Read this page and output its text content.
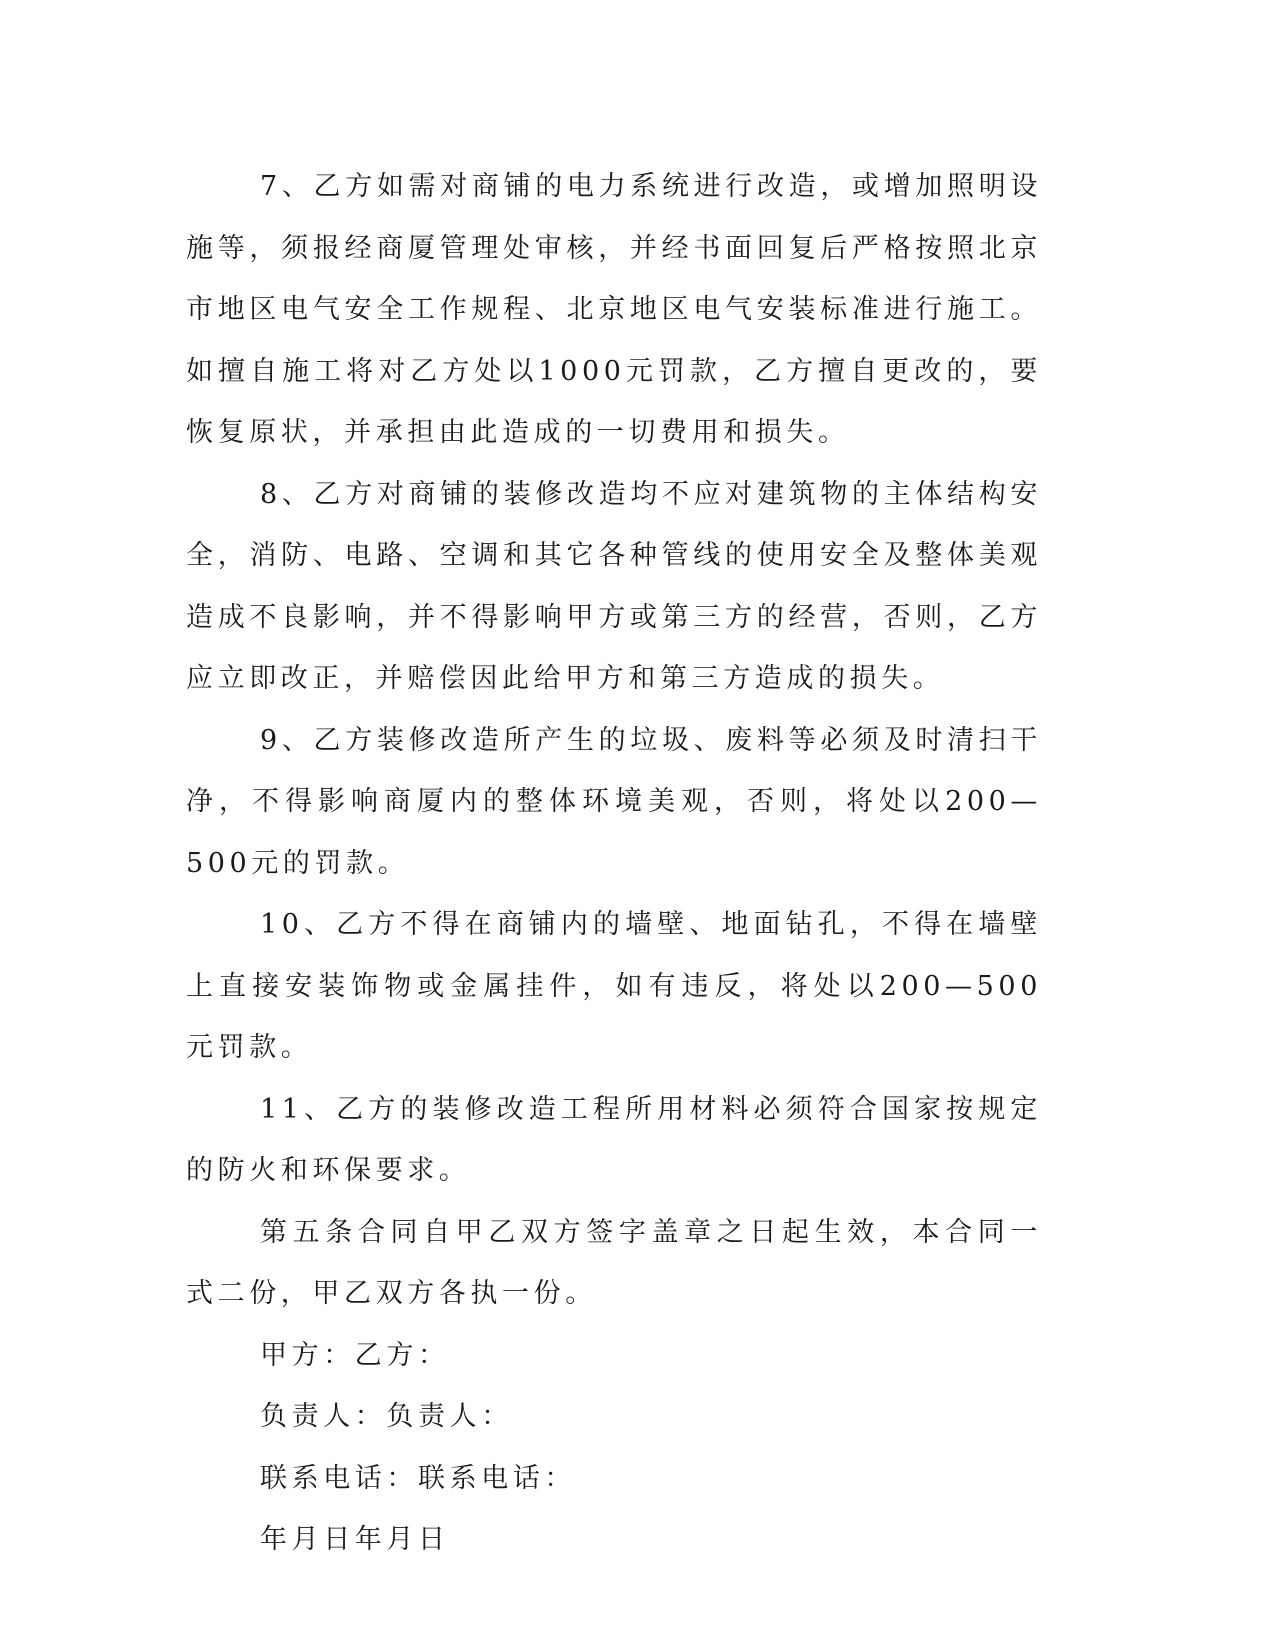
7、乙方如需对商铺的电力系统进行改造，或增加照明设施等，须报经商厦管理处审核，并经书面回复后严格按照北京市地区电气安全工作规程、北京地区电气安装标准进行施工。如擅自施工将对乙方处以1000元罚款，乙方擅自更改的，要恢复原状，并承担由此造成的一切费用和损失。

8、乙方对商铺的装修改造均不应对建筑物的主体结构安全，消防、电路、空调和其它各种管线的使用安全及整体美观造成不良影响，并不得影响甲方或第三方的经营，否则，乙方应立即改正，并赔偿因此给甲方和第三方造成的损失。

9、乙方装修改造所产生的垃圾、废料等必须及时清扫干净，不得影响商厦内的整体环境美观，否则，将处以200—500元的罚款。

10、乙方不得在商铺内的墙壁、地面钻孔，不得在墙壁上直接安装饰物或金属挂件，如有违反，将处以200—500元罚款。

11、乙方的装修改造工程所用材料必须符合国家按规定的防火和环保要求。

第五条合同自甲乙双方签字盖章之日起生效，本合同一式二份，甲乙双方各执一份。

甲方：乙方：

负责人：负责人：

联系电话：联系电话：

年月日年月日
